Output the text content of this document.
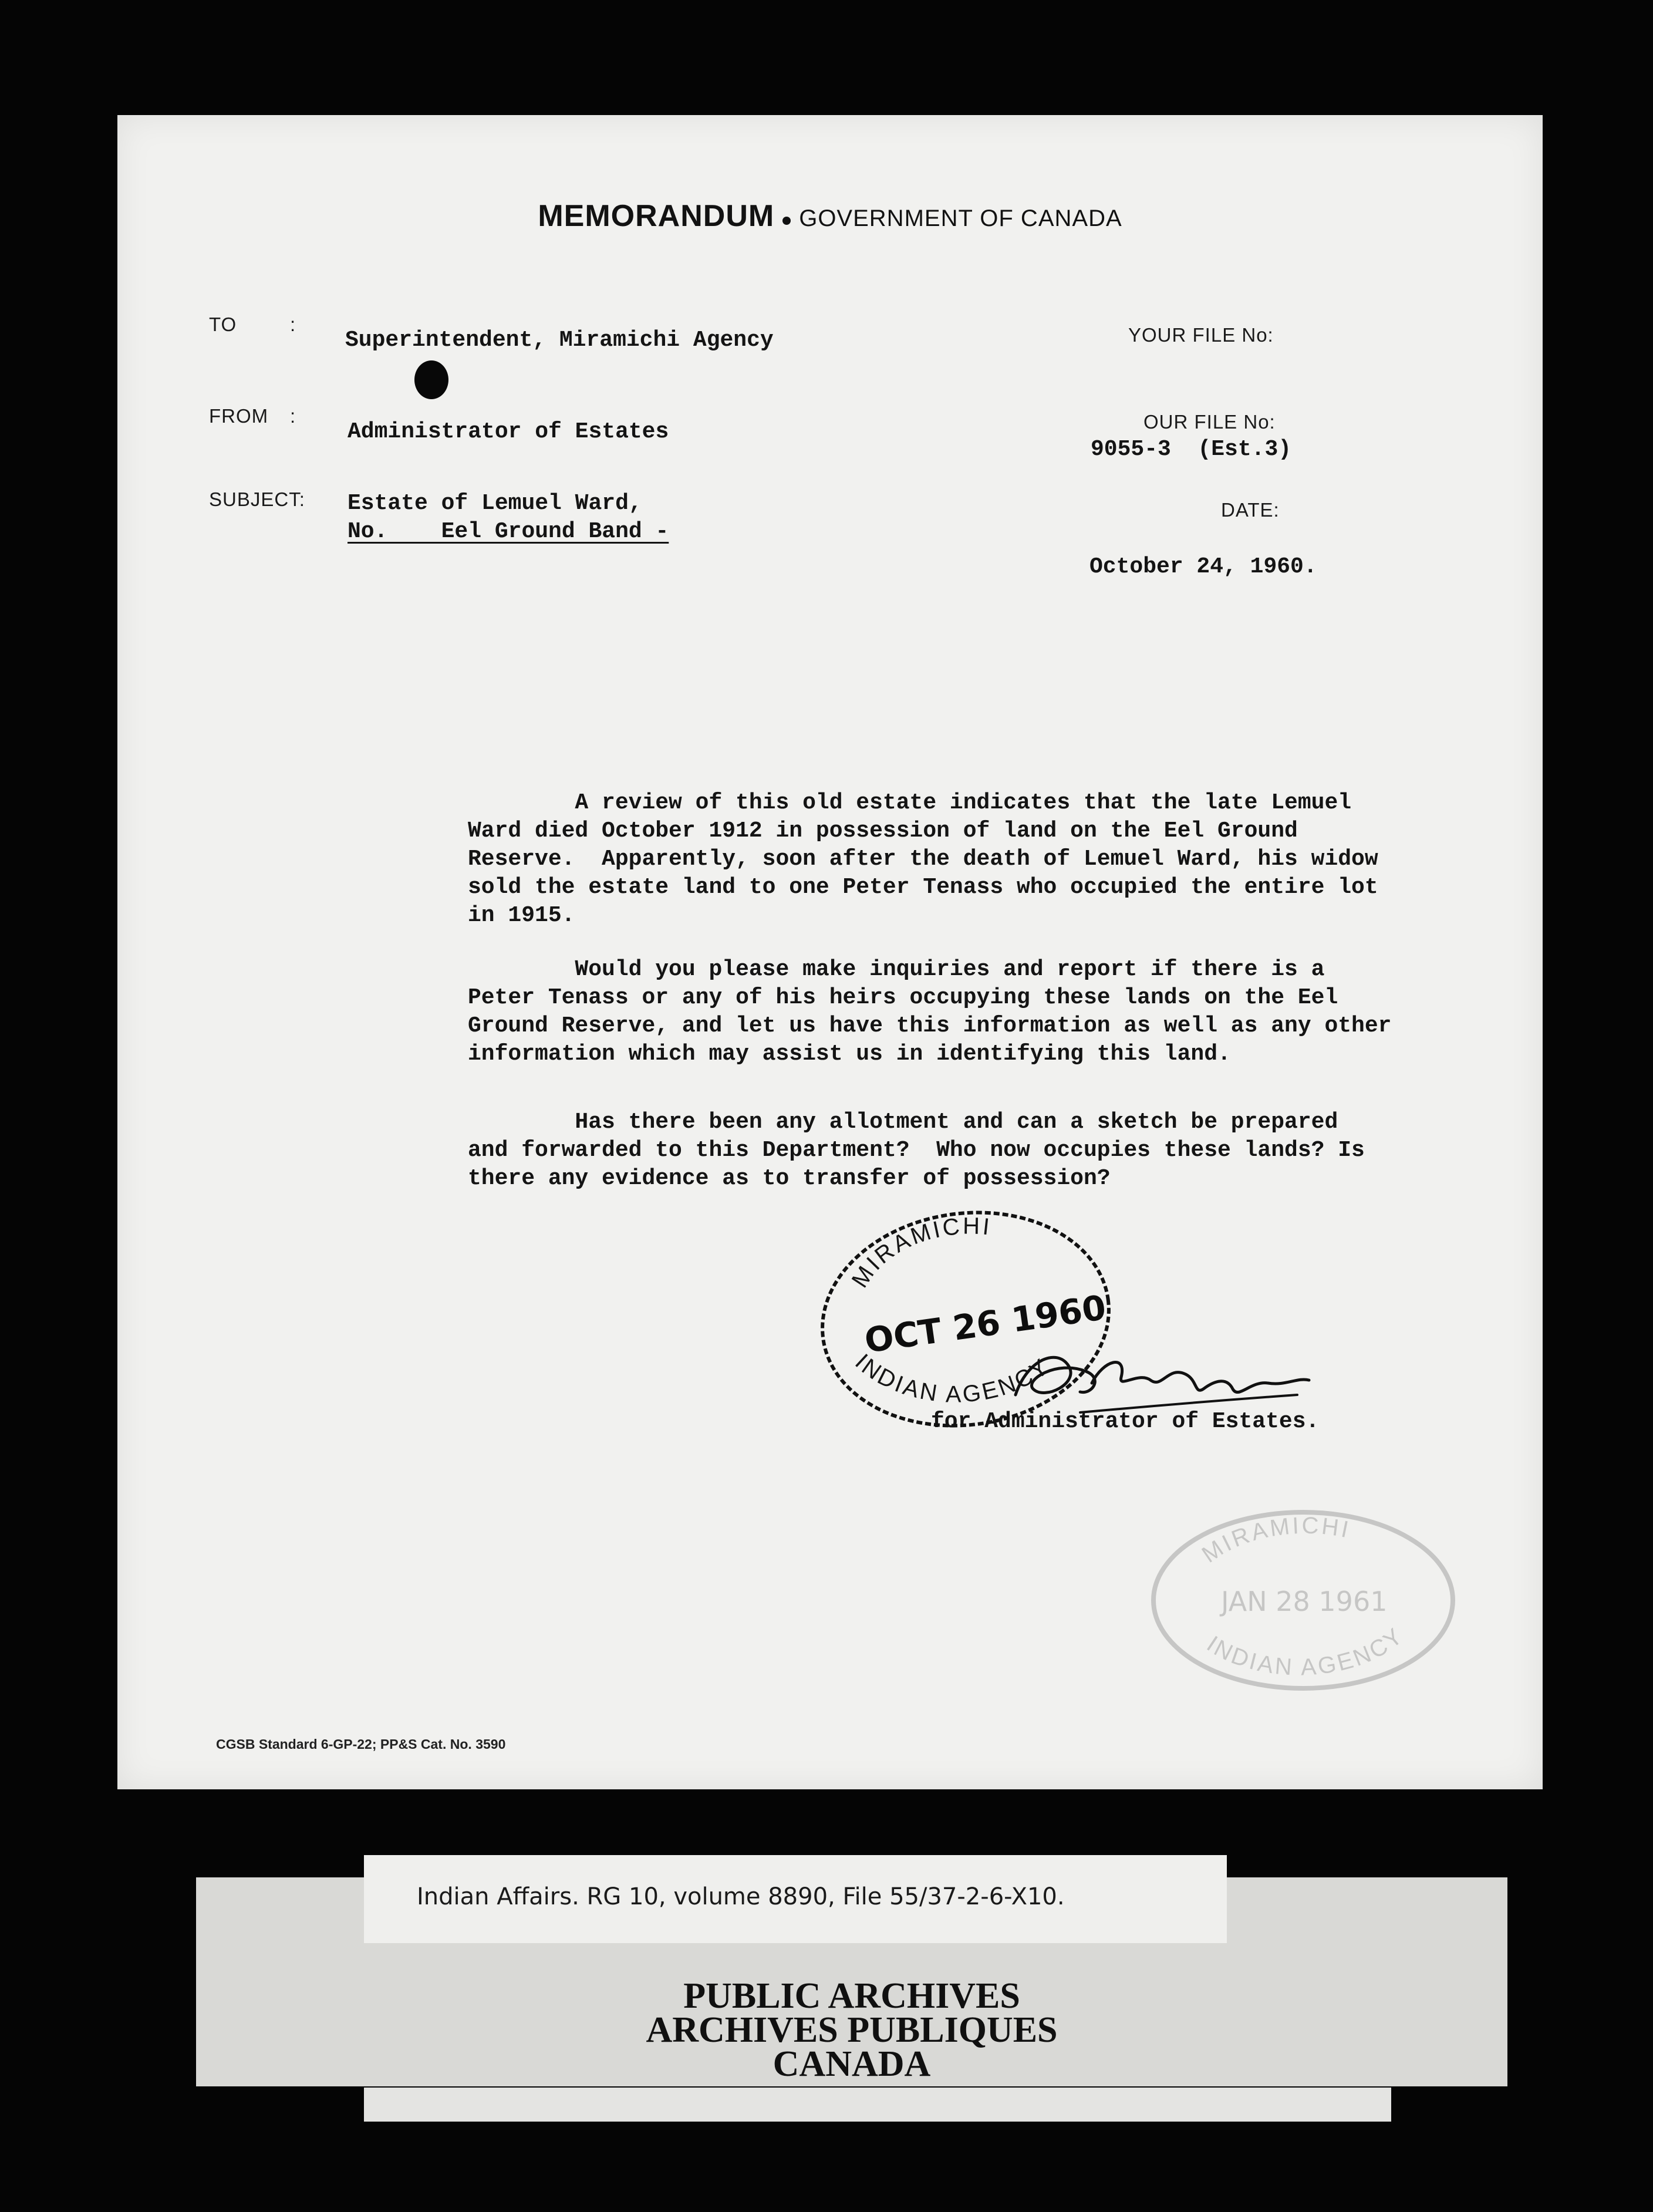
MEMORANDUM GOVERNMENT OF CANADA
TO	:
FROM :
SUBJECT:
Superintendent, Miramichi Agency
Administrator of Estates
Estate of Lemuel Ward,
No.    Eel Ground Band -
YOUR FILE No:
OUR FILE No:
9055-3  (Est.3)
DATE:
October 24, 1960.
A review of this old estate indicates that the late Lemuel
Ward died October 1912 in possession of land on the Eel Ground
Reserve.  Apparently, soon after the death of Lemuel Ward, his widow
sold the estate land to one Peter Tenass who occupied the entire lot
in 1915.
Would you please make inquiries and report if there is a
Peter Tenass or any of his heirs occupying these lands on the Eel
Ground Reserve, and let us have this information as well as any other
information which may assist us in identifying this land.
Has there been any allotment and can a sketch be prepared
and forwarded to this Department?  Who now occupies these lands? Is
there any evidence as to transfer of possession?
for Administrator of Estates.
MIRAMICHI
OCT 26 1960
INDIAN AGENCY
MIRAMICHI
JAN 28 1961
INDIAN AGENCY
CGSB Standard 6-GP-22; PP&S Cat. No. 3590
PUBLIC ARCHIVES
ARCHIVES PUBLIQUES
CANADA
Indian Affairs. RG 10, volume 8890, File 55/37-2-6-X10.
